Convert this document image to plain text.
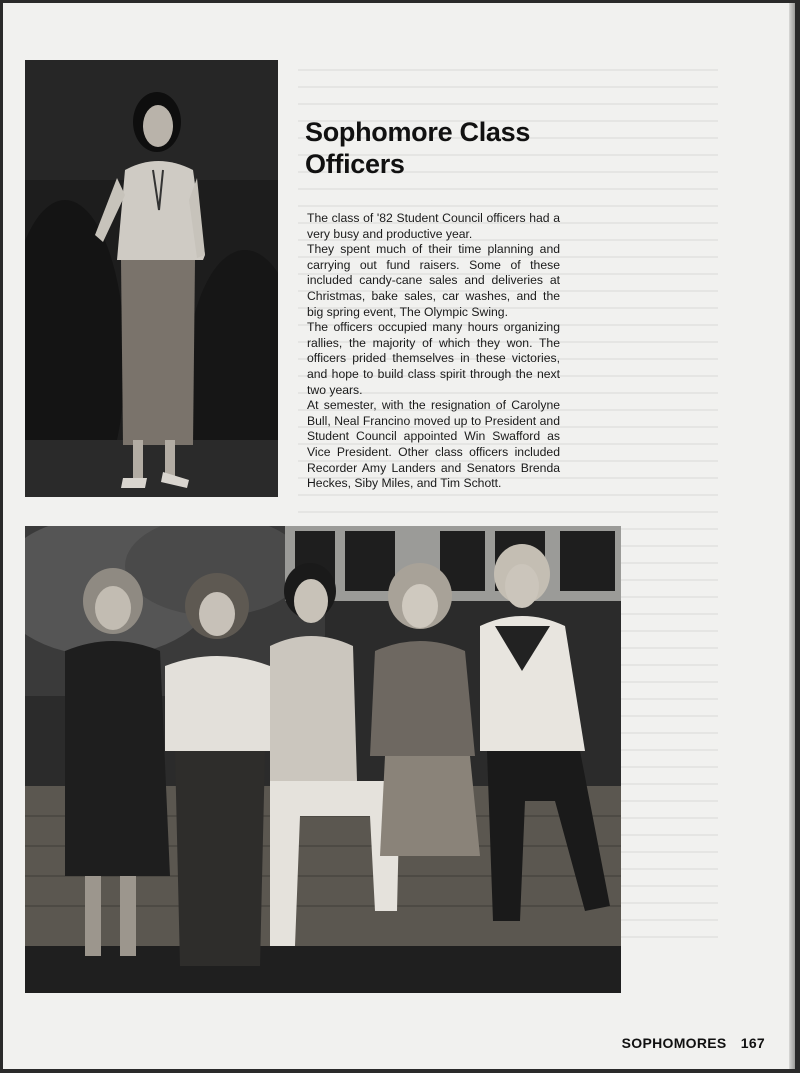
Sophomore Class Officers

The class of '82 Student Council officers had a very busy and productive year.

They spent much of their time planning and carrying out fund raisers. Some of these included candy-cane sales and deliveries at Christmas, bake sales, car washes, and the big spring event, The Olympic Swing.

The officers occupied many hours organizing rallies, the majority of which they won. The officers prided themselves in these victories, and hope to build class spirit through the next two years.

At semester, with the resignation of Carolyne Bull, Neal Francino moved up to President and Student Council appointed Win Swafford as Vice President. Other class officers included Recorder Amy Landers and Senators Brenda Heckes, Siby Miles, and Tim Schott.

SOPHOMORES 167
